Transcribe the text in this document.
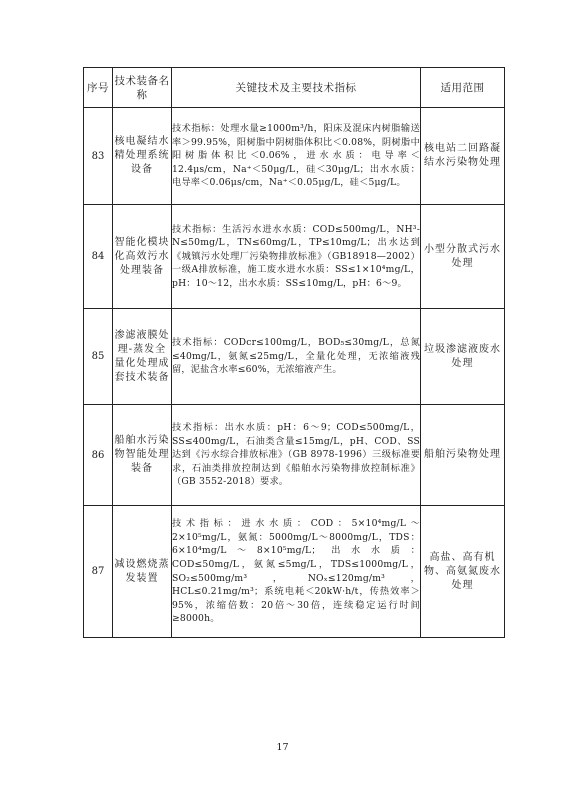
序号	技术装备名称	关键技术及主要技术指标	适用范围
83	核电凝结水精处理系统设备	技术指标：处理水量≥1000m³/h，阳床及混床内树脂输送率＞99.95%，阳树脂中阴树脂体积比＜0.08%，阴树脂中阳树脂体积比＜0.06%，进水水质：电导率＜12.4μs/cm，Na⁺＜50μg/L，硅＜30μg/L；出水水质：电导率＜0.06μs/cm，Na⁺＜0.05μg/L，硅＜5μg/L。	核电站二回路凝结水污染物处理
84	智能化模块化高效污水处理装备	技术指标：生活污水进水水质：COD≤500mg/L，NH³-N≤50mg/L，TN≤60mg/L，TP≤10mg/L；出水达到《城镇污水处理厂污染物排放标准》（GB18918—2002）一级A排放标准，施工废水进水水质：SS≤1×10⁴mg/L，pH：10～12，出水水质：SS≤10mg/L，pH：6～9。	小型分散式污水处理
85	渗滤液膜处理-蒸发全量化处理成套技术装备	技术指标：CODcr≤100mg/L，BOD₅≤30mg/L，总氮≤40mg/L，氨氮≤25mg/L，全量化处理，无浓缩液残留，泥盐含水率≤60%，无浓缩液产生。	垃圾渗滤液废水处理
86	船舶水污染物智能处理装备	技术指标：出水水质：pH：6～9；COD≤500mg/L，SS≤400mg/L，石油类含量≤15mg/L，pH、COD、SS达到《污水综合排放标准》（GB 8978-1996）三级标准要求，石油类排放控制达到《船舶水污染物排放控制标准》（GB 3552-2018）要求。	船舶污染物处理
87	减设燃烧蒸发装置	技术指标：进水水质：COD：5×10⁴mg/L～2×10⁵mg/L，氨氮：5000mg/L～8000mg/L，TDS：6×10⁴mg/L～8×10⁵mg/L；出水水质：COD≤50mg/L，氨氮≤5mg/L，TDS≤1000mg/L，SO₂≤500mg/m³，NOₓ≤120mg/m³，HCL≤0.21mg/m³；系统电耗＜20kW·h/t，传热效率＞95%，浓缩倍数：20倍～30倍，连续稳定运行时间≥8000h。	高盐、高有机物、高氨氮废水处理
17
